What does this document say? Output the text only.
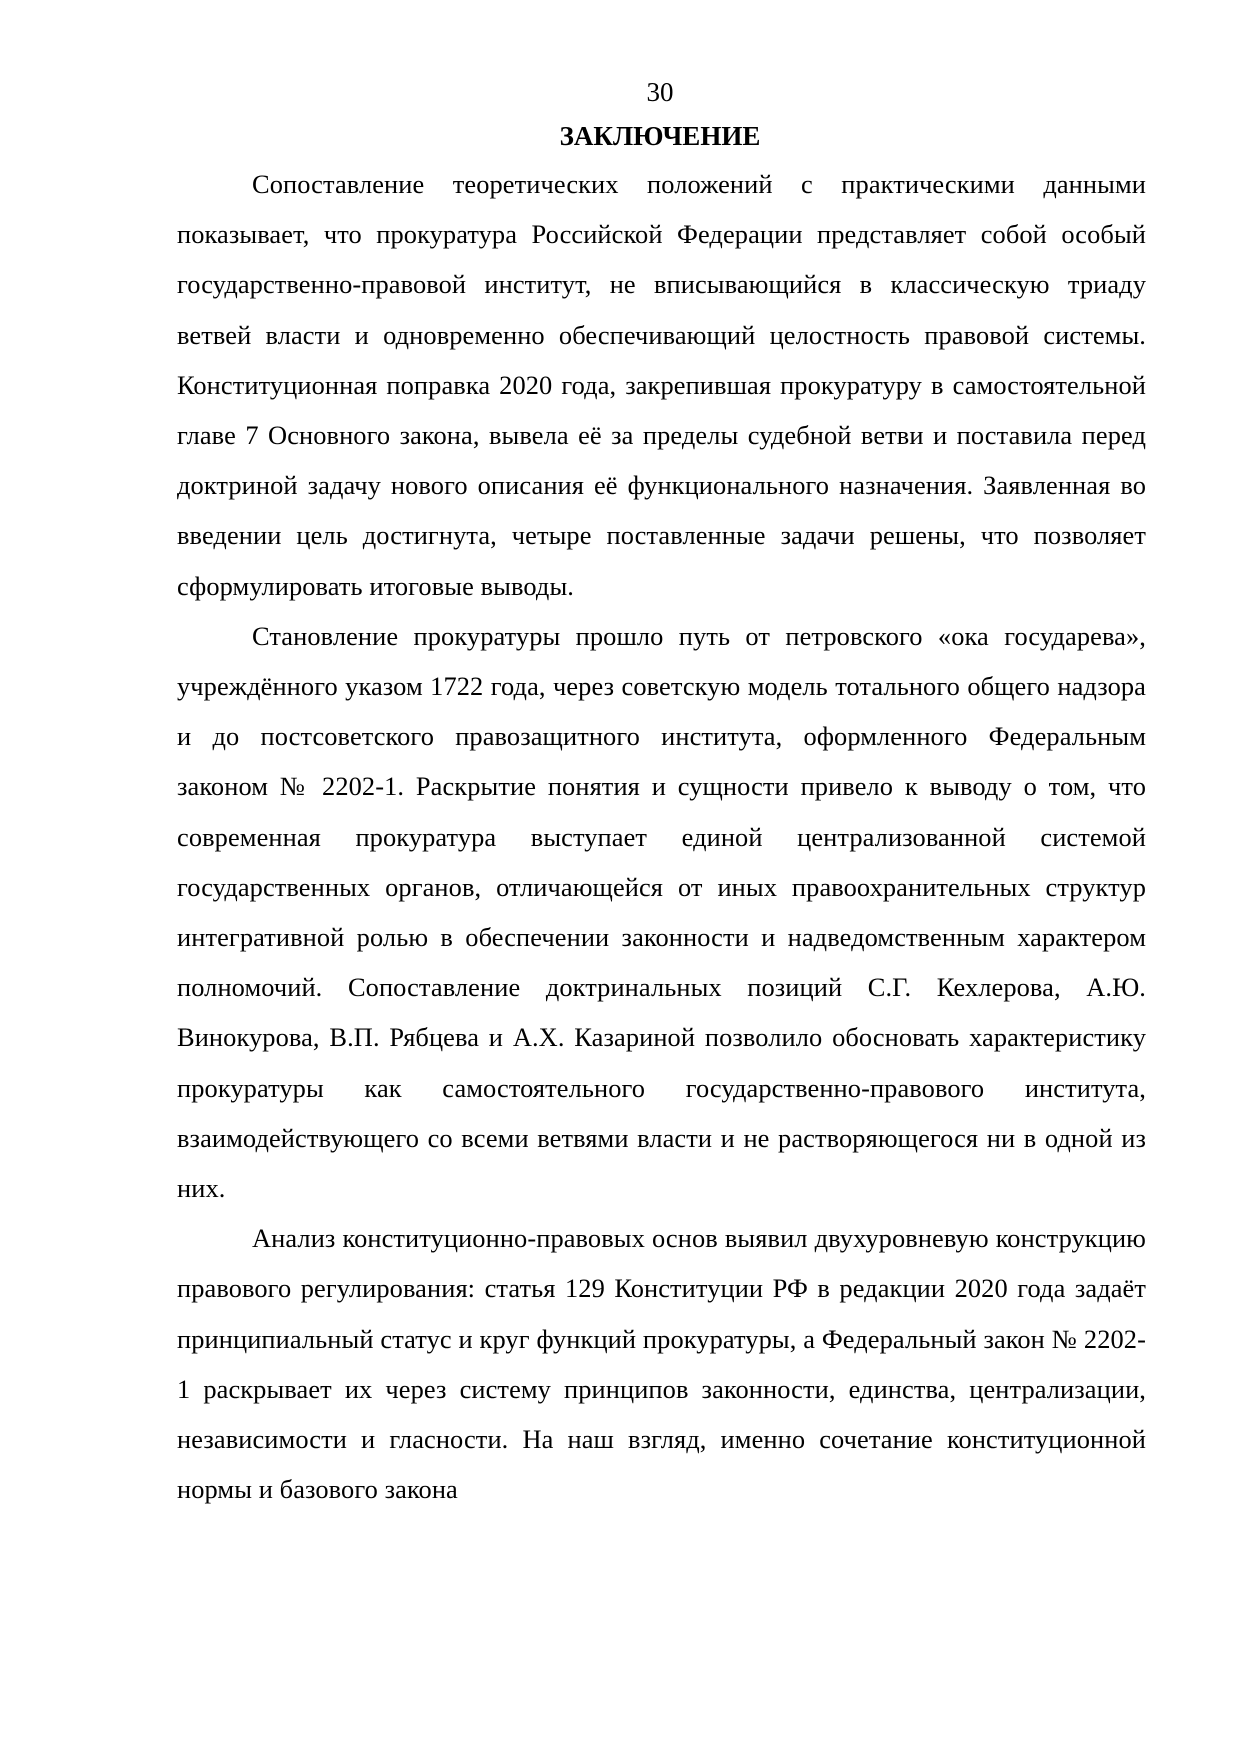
30
ЗАКЛЮЧЕНИЕ

Сопоставление теоретических положений с практическими данными показывает, что прокуратура Российской Федерации представляет собой особый государственно-правовой институт, не вписывающийся в классическую триаду ветвей власти и одновременно обеспечивающий целостность правовой системы. Конституционная поправка 2020 года, закрепившая прокуратуру в самостоятельной главе 7 Основного закона, вывела её за пределы судебной ветви и поставила перед доктриной задачу нового описания её функционального назначения. Заявленная во введении цель достигнута, четыре поставленные задачи решены, что позволяет сформулировать итоговые выводы.

Становление прокуратуры прошло путь от петровского «ока государева», учреждённого указом 1722 года, через советскую модель тотального общего надзора и до постсоветского правозащитного института, оформленного Федеральным законом № 2202-1. Раскрытие понятия и сущности привело к выводу о том, что современная прокуратура выступает единой централизованной системой государственных органов, отличающейся от иных правоохранительных структур интегративной ролью в обеспечении законности и надведомственным характером полномочий. Сопоставление доктринальных позиций С.Г. Кехлерова, А.Ю. Винокурова, В.П. Рябцева и А.Х. Казариной позволило обосновать характеристику прокуратуры как самостоятельного государственно-правового института, взаимодействующего со всеми ветвями власти и не растворяющегося ни в одной из них.

Анализ конституционно-правовых основ выявил двухуровневую конструкцию правового регулирования: статья 129 Конституции РФ в редакции 2020 года задаёт принципиальный статус и круг функций прокуратуры, а Федеральный закон № 2202-1 раскрывает их через систему принципов законности, единства, централизации, независимости и гласности. На наш взгляд, именно сочетание конституционной нормы и базового закона
